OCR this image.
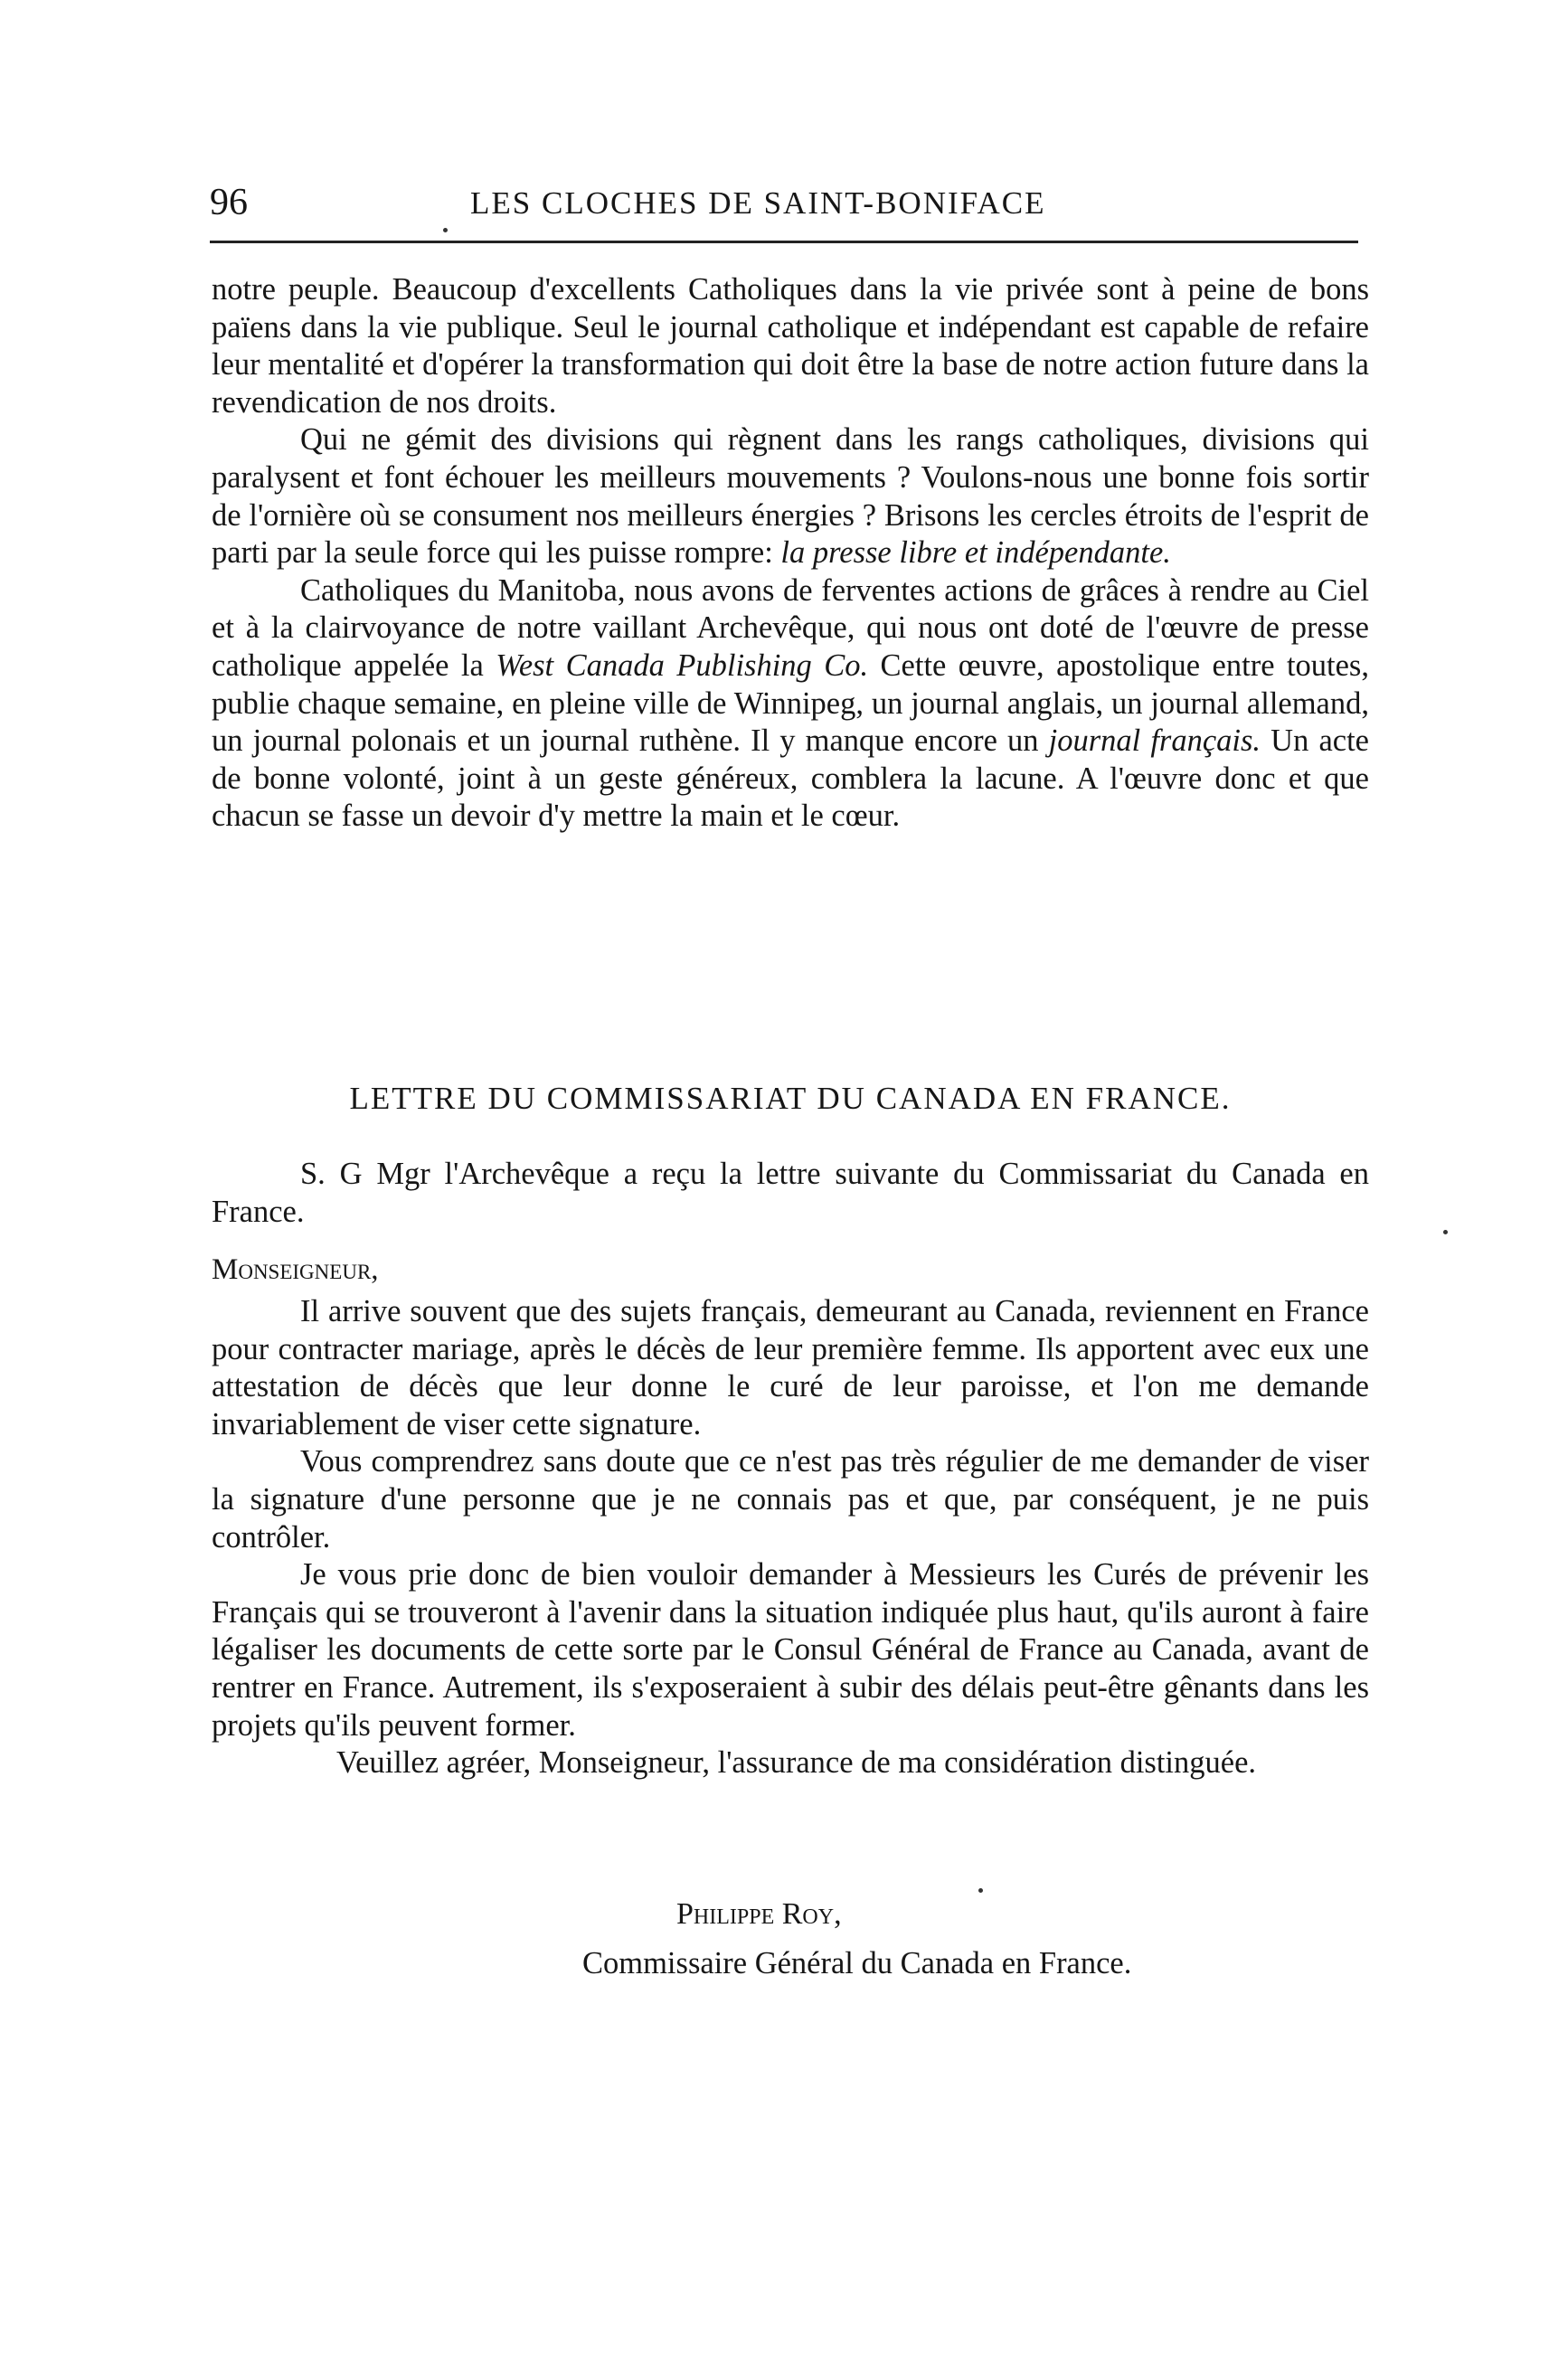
96	LES CLOCHES DE SAINT-BONIFACE

notre peuple. Beaucoup d'excellents Catholiques dans la vie privée sont à peine de bons païens dans la vie publique. Seul le journal catholique et indépendant est capable de refaire leur mentalité et d'opérer la transformation qui doit être la base de notre action future dans la revendication de nos droits.

Qui ne gémit des divisions qui règnent dans les rangs catholiques, divisions qui paralysent et font échouer les meilleurs mouvements ? Voulons-nous une bonne fois sortir de l'ornière où se consument nos meilleurs énergies ? Brisons les cercles étroits de l'esprit de parti par la seule force qui les puisse rompre: la presse libre et indépendante.

Catholiques du Manitoba, nous avons de ferventes actions de grâces à rendre au Ciel et à la clairvoyance de notre vaillant Archevêque, qui nous ont doté de l'œuvre de presse catholique appelée la West Canada Publishing Co. Cette œuvre, apostolique entre toutes, publie chaque semaine, en pleine ville de Winnipeg, un journal anglais, un journal allemand, un journal polonais et un journal ruthène. Il y manque encore un journal français. Un acte de bonne volonté, joint à un geste généreux, comblera la lacune. A l'œuvre donc et que chacun se fasse un devoir d'y mettre la main et le cœur.

LETTRE DU COMMISSARIAT DU CANADA EN FRANCE.

S. G Mgr l'Archevêque a reçu la lettre suivante du Commissariat du Canada en France.

Monseigneur,

Il arrive souvent que des sujets français, demeurant au Canada, reviennent en France pour contracter mariage, après le décès de leur première femme. Ils apportent avec eux une attestation de décès que leur donne le curé de leur paroisse, et l'on me demande invariablement de viser cette signature.

Vous comprendrez sans doute que ce n'est pas très régulier de me demander de viser la signature d'une personne que je ne connais pas et que, par conséquent, je ne puis contrôler.

Je vous prie donc de bien vouloir demander à Messieurs les Curés de prévenir les Français qui se trouveront à l'avenir dans la situation indiquée plus haut, qu'ils auront à faire légaliser les documents de cette sorte par le Consul Général de France au Canada, avant de rentrer en France. Autrement, ils s'exposeraient à subir des délais peut-être gênants dans les projets qu'ils peuvent former.

Veuillez agréer, Monseigneur, l'assurance de ma considération distinguée.

Philippe Roy,
Commissaire Général du Canada en France.
